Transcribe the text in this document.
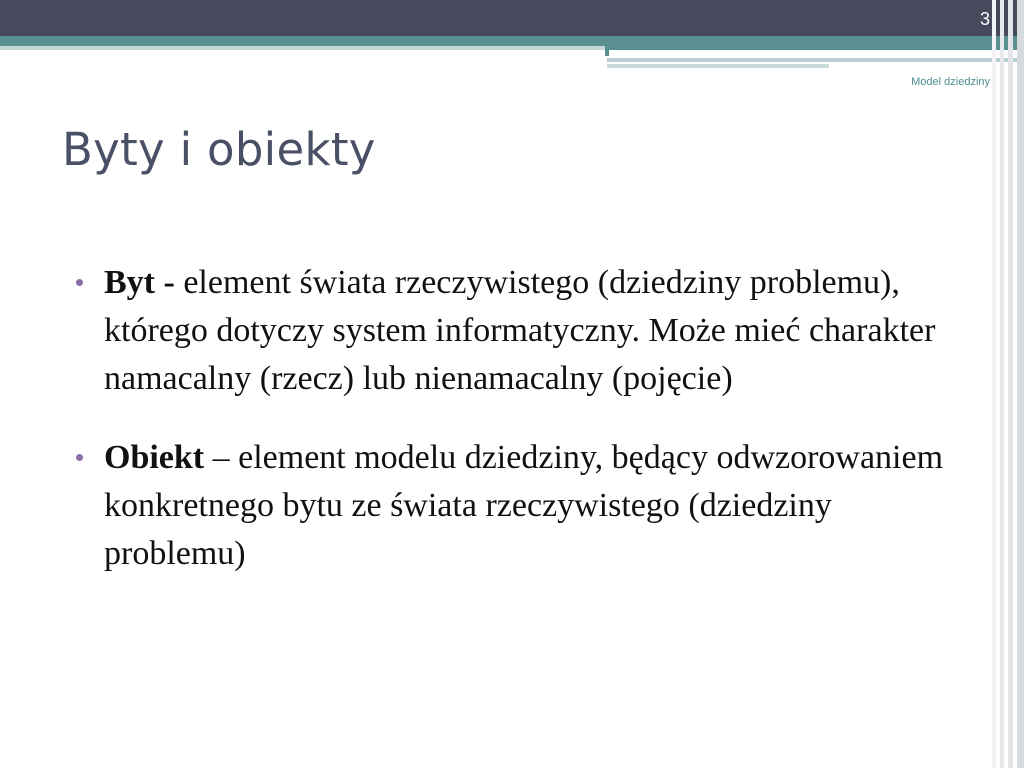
3
Model dziedziny
Byty i obiekty
Byt - element świata rzeczywistego (dziedziny problemu), którego dotyczy system informatyczny. Może mieć charakter namacalny (rzecz) lub nienamacalny (pojęcie)
Obiekt – element modelu dziedziny, będący odwzorowaniem konkretnego bytu ze świata rzeczywistego (dziedziny problemu)
